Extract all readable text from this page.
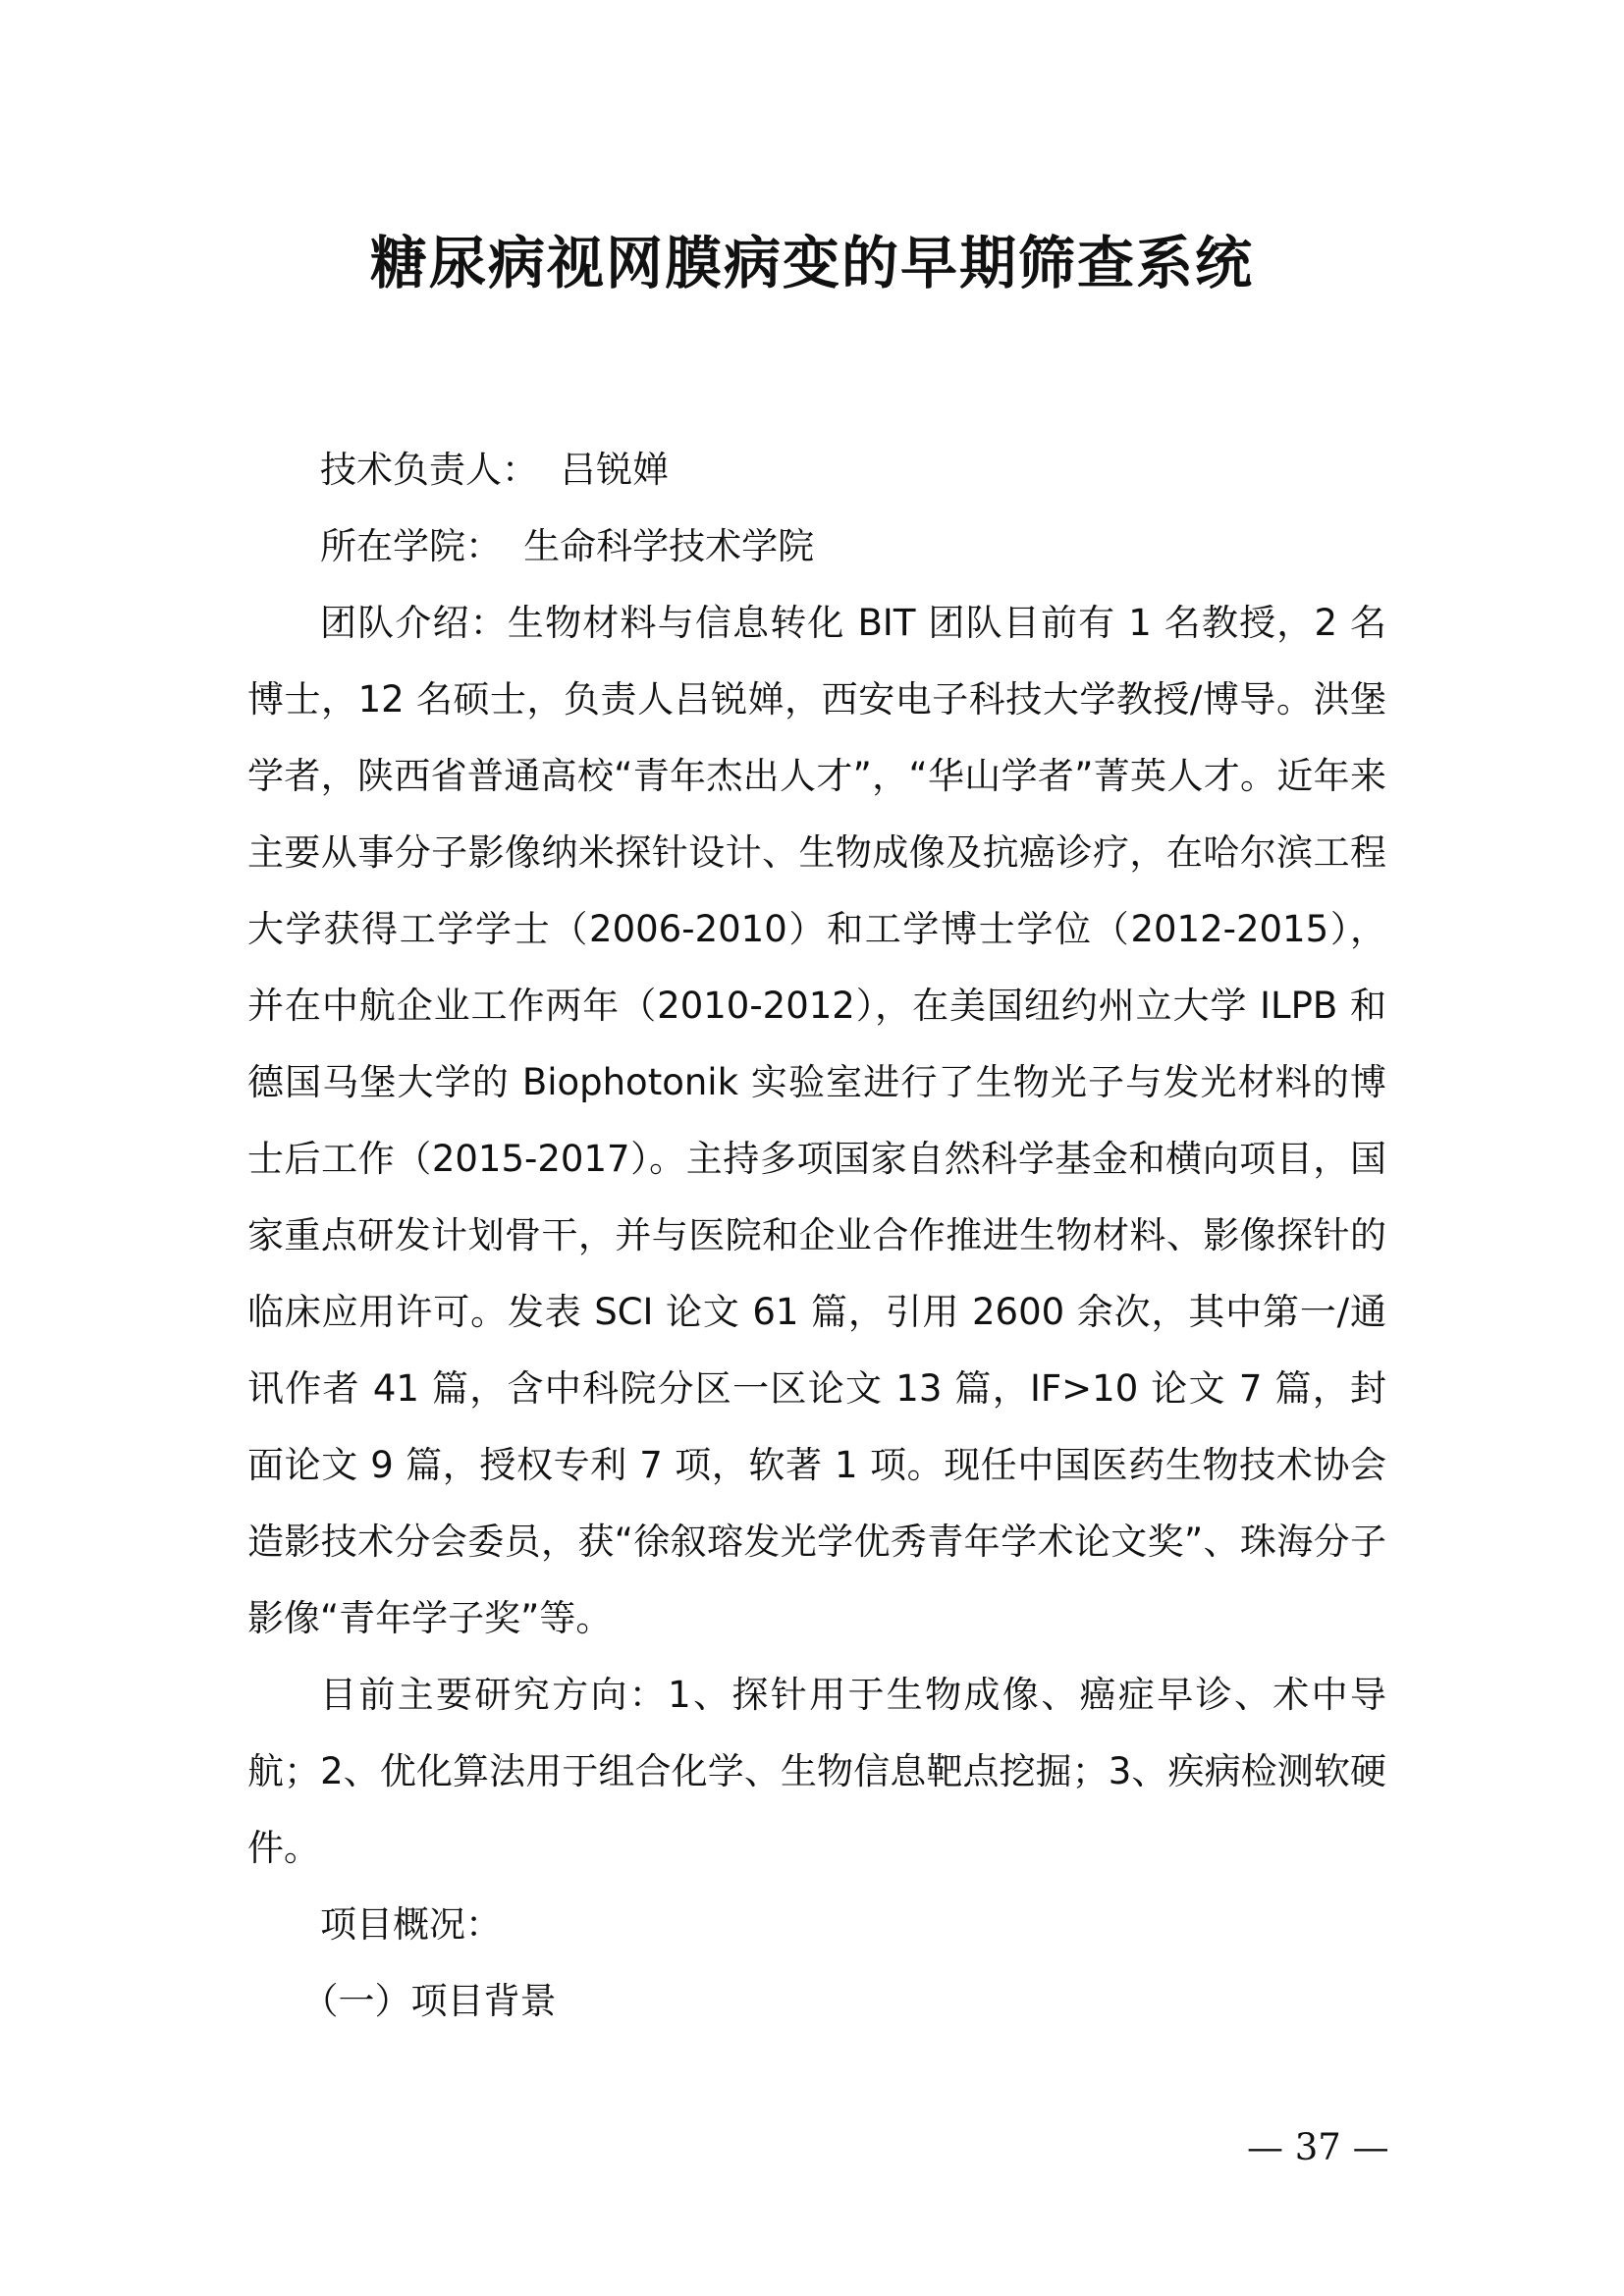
糖尿病视网膜病变的早期筛查系统

技术负责人： 吕锐婵

所在学院： 生命科学技术学院

团队介绍：生物材料与信息转化 BIT 团队目前有 1 名教授，2 名博士，12 名硕士，负责人吕锐婵，西安电子科技大学教授/博导。洪堡学者，陕西省普通高校“青年杰出人才”，“华山学者”菁英人才。近年来主要从事分子影像纳米探针设计、生物成像及抗癌诊疗，在哈尔滨工程大学获得工学学士（2006-2010）和工学博士学位（2012-2015），并在中航企业工作两年（2010-2012），在美国纽约州立大学 ILPB 和德国马堡大学的 Biophotonik 实验室进行了生物光子与发光材料的博士后工作（2015-2017）。主持多项国家自然科学基金和横向项目，国家重点研发计划骨干，并与医院和企业合作推进生物材料、影像探针的临床应用许可。发表 SCI 论文 61 篇，引用 2600 余次，其中第一/通讯作者 41 篇，含中科院分区一区论文 13 篇，IF>10 论文 7 篇，封面论文 9 篇，授权专利 7 项，软著 1 项。现任中国医药生物技术协会造影技术分会委员，获“徐叙瑢发光学优秀青年学术论文奖”、珠海分子影像“青年学子奖”等。

目前主要研究方向：1、探针用于生物成像、癌症早诊、术中导航；2、优化算法用于组合化学、生物信息靶点挖掘；3、疾病检测软硬件。

项目概况：

（一）项目背景

— 37 —
